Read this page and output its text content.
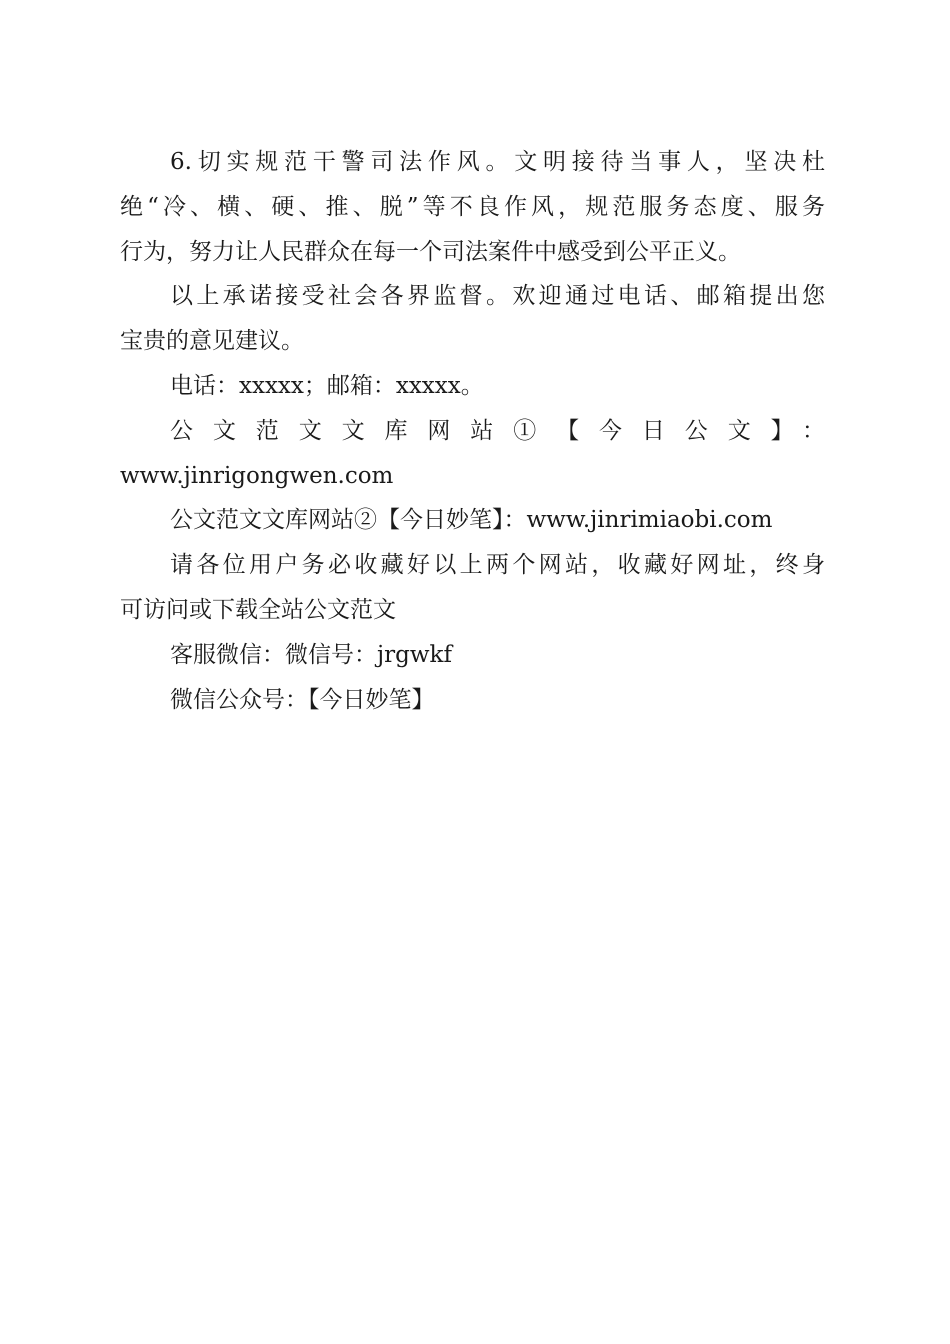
6.切实规范干警司法作风。文明接待当事人，坚决杜
绝“冷、横、硬、推、脱”等不良作风，规范服务态度、服务
行为，努力让人民群众在每一个司法案件中感受到公平正义。

以上承诺接受社会各界监督。欢迎通过电话、邮箱提出您
宝贵的意见建议。

电话：xxxxx；邮箱：xxxxx。

公文范文文库网站①【今日公文】：
www.jinrigongwen.com

公文范文文库网站②【今日妙笔】：www.jinrimiaobi.com

请各位用户务必收藏好以上两个网站，收藏好网址，终身
可访问或下载全站公文范文

客服微信：微信号：jrgwkf

微信公众号：【今日妙笔】
